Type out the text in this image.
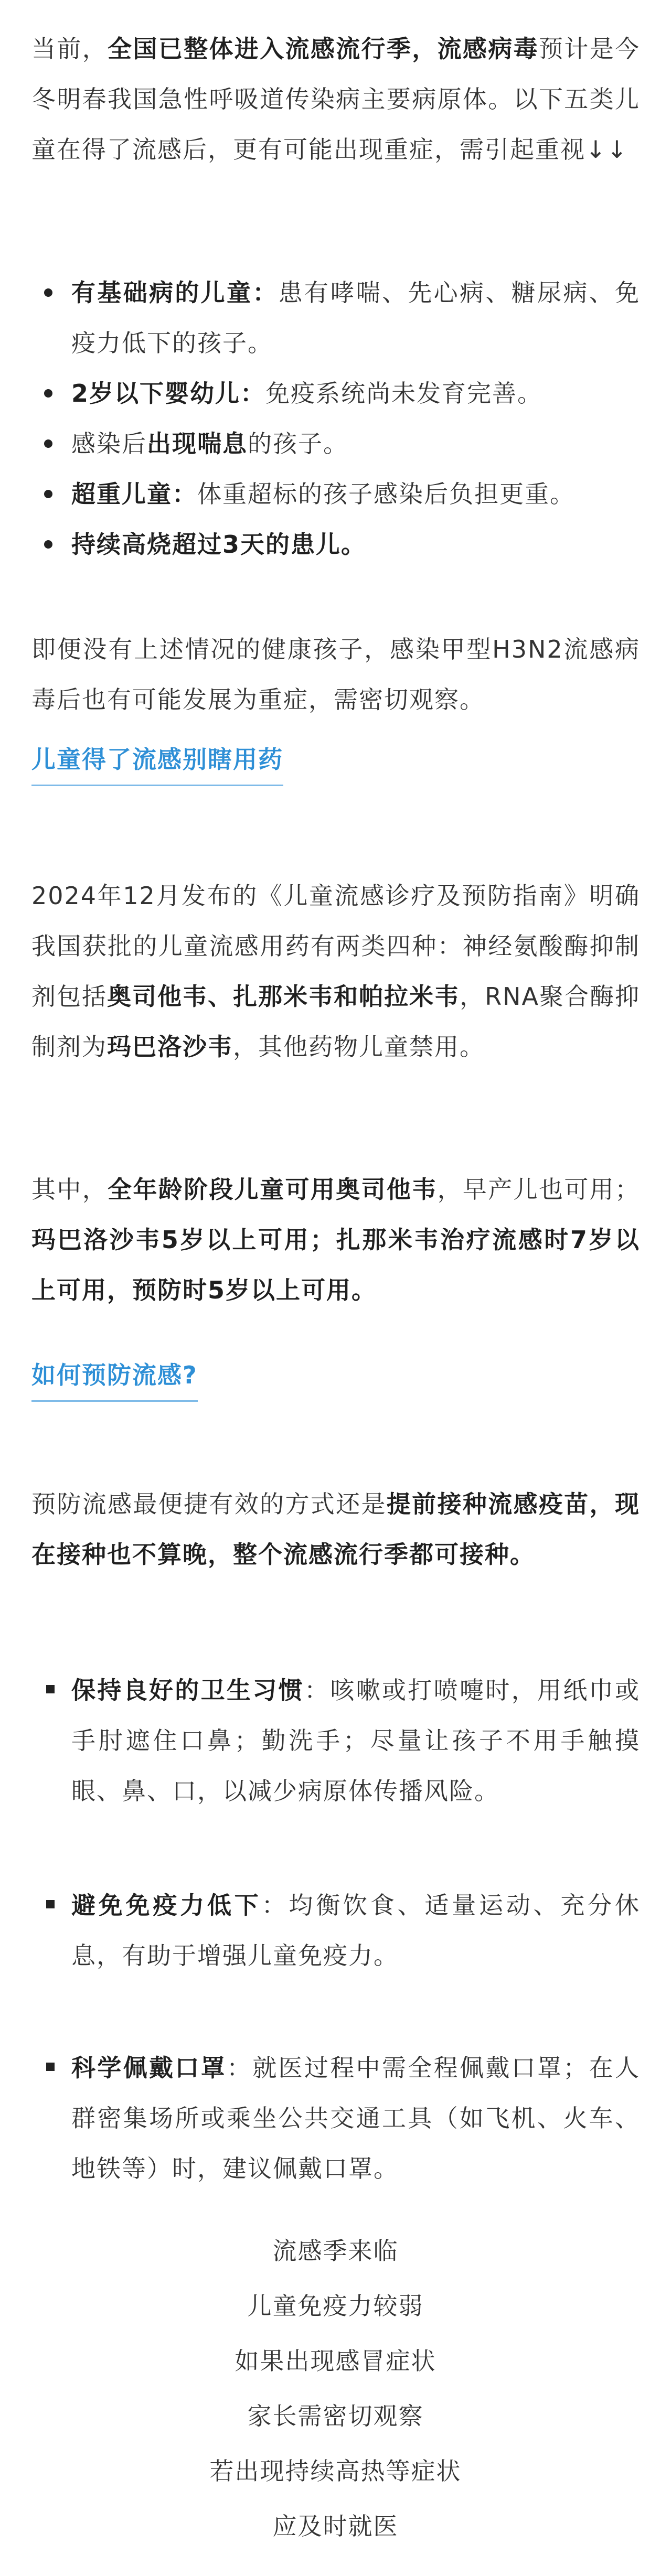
当前，全国已整体进入流感流行季，流感病毒预计是今冬明春我国急性呼吸道传染病主要病原体。以下五类儿童在得了流感后，更有可能出现重症，需引起重视↓↓

有基础病的儿童：患有哮喘、先心病、糖尿病、免疫力低下的孩子。
2岁以下婴幼儿：免疫系统尚未发育完善。
感染后出现喘息的孩子。
超重儿童：体重超标的孩子感染后负担更重。
持续高烧超过3天的患儿。

即便没有上述情况的健康孩子，感染甲型H3N2流感病毒后也有可能发展为重症，需密切观察。

儿童得了流感别瞎用药

2024年12月发布的《儿童流感诊疗及预防指南》明确我国获批的儿童流感用药有两类四种：神经氨酸酶抑制剂包括奥司他韦、扎那米韦和帕拉米韦，RNA聚合酶抑制剂为玛巴洛沙韦，其他药物儿童禁用。

其中，全年龄阶段儿童可用奥司他韦，早产儿也可用；玛巴洛沙韦5岁以上可用；扎那米韦治疗流感时7岁以上可用，预防时5岁以上可用。

如何预防流感?

预防流感最便捷有效的方式还是提前接种流感疫苗，现在接种也不算晚，整个流感流行季都可接种。

保持良好的卫生习惯：咳嗽或打喷嚏时，用纸巾或手肘遮住口鼻；勤洗手；尽量让孩子不用手触摸眼、鼻、口，以减少病原体传播风险。
避免免疫力低下：均衡饮食、适量运动、充分休息，有助于增强儿童免疫力。
科学佩戴口罩：就医过程中需全程佩戴口罩；在人群密集场所或乘坐公共交通工具（如飞机、火车、地铁等）时，建议佩戴口罩。
流感季来临
儿童免疫力较弱
如果出现感冒症状
家长需密切观察
若出现持续高热等症状
应及时就医
